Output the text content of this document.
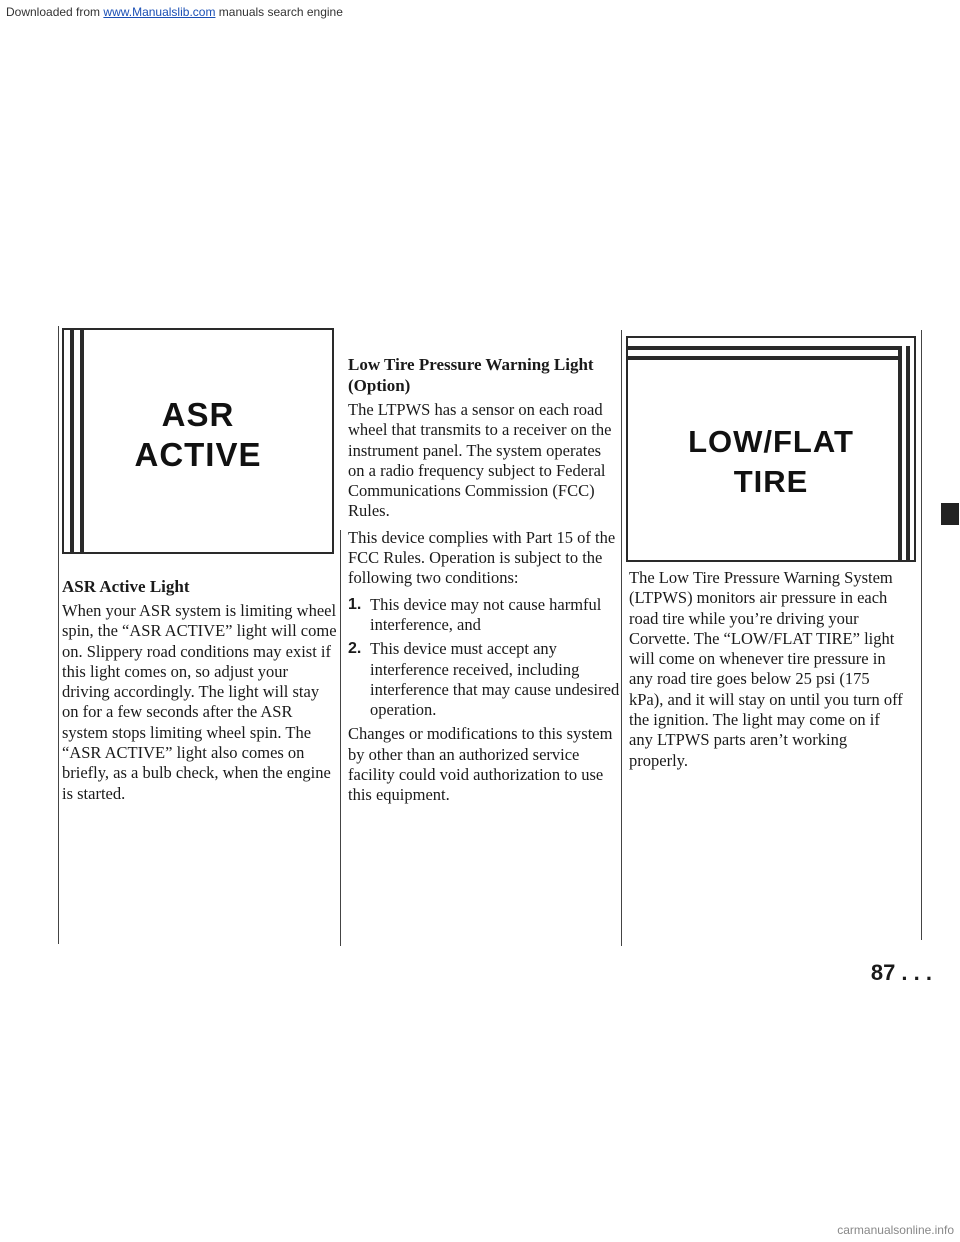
Downloaded from www.Manualslib.com manuals search engine
ASR
ACTIVE
ASR Active Light

When your ASR system is limiting wheel spin, the “ASR ACTIVE” light will come on. Slippery road conditions may exist if this light comes on, so adjust your driving accordingly. The light will stay on for a few seconds after the ASR system stops limiting wheel spin. The “ASR ACTIVE” light also comes on briefly, as a bulb check, when the engine is started.

Low Tire Pressure Warning Light (Option)

The LTPWS has a sensor on each road wheel that transmits to a receiver on the instrument panel. The system operates on a radio frequency subject to Federal Communications Commission (FCC) Rules.

This device complies with Part 15 of the FCC Rules. Operation is subject to the following two conditions:

1. This device may not cause harmful interference, and
2. This device must accept any interference received, including interference that may cause undesired operation.

Changes or modifications to this system by other than an authorized service facility could void authorization to use this equipment.

LOW/FLAT
TIRE

The Low Tire Pressure Warning System (LTPWS) monitors air pressure in each road tire while you’re driving your Corvette. The “LOW/FLAT TIRE” light will come on whenever tire pressure in any road tire goes below 25 psi (175 kPa), and it will stay on until you turn off the ignition. The light may come on if any LTPWS parts aren’t working properly.

87 . . .
carmanualsonline.info
